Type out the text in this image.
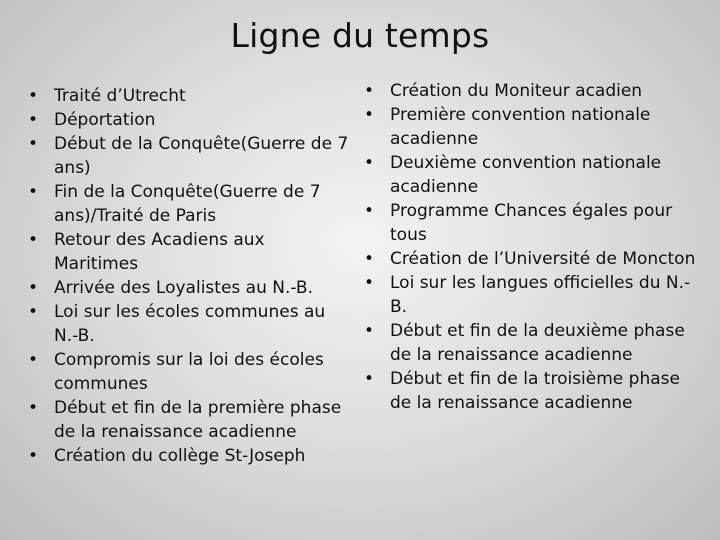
Ligne du temps
• Traité d’Utrecht
• Déportation
• Début de la Conquête(Guerre de 7 ans)
• Fin de la Conquête(Guerre de 7 ans)/Traité de Paris
• Retour des Acadiens aux Maritimes
• Arrivée des Loyalistes au N.-B.
• Loi sur les écoles communes au N.-B.
• Compromis sur la loi des écoles communes
• Début et fin de la première phase de la renaissance acadienne
• Création du collège St-Joseph
• Création du Moniteur acadien
• Première convention nationale acadienne
• Deuxième convention nationale acadienne
• Programme Chances égales pour tous
• Création de l’Université de Moncton
• Loi sur les langues officielles du N.-B.
• Début et fin de la deuxième phase de la renaissance acadienne
• Début et fin de la troisième phase de la renaissance acadienne
